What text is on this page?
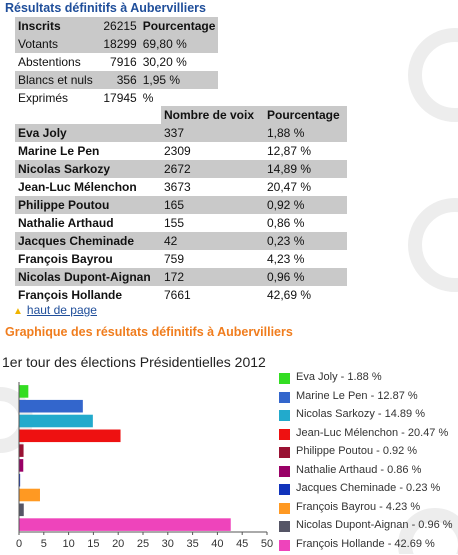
Résultats définitifs à Aubervilliers
Inscrits	26215	Pourcentage
Votants	18299	69,80 %
Abstentions	7916	30,20 %
Blancs et nuls	356	1,95 %
Exprimés	17945	%
	Nombre de voix	Pourcentage
Eva Joly	337	1,88 %
Marine Le Pen	2309	12,87 %
Nicolas Sarkozy	2672	14,89 %
Jean-Luc Mélenchon	3673	20,47 %
Philippe Poutou	165	0,92 %
Nathalie Arthaud	155	0,86 %
Jacques Cheminade	42	0,23 %
François Bayrou	759	4,23 %
Nicolas Dupont-Aignan	172	0,96 %
François Hollande	7661	42,69 %
▲ haut de page
Graphique des résultats définitifs à Aubervilliers
1er tour des élections Présidentielles 2012
0 5 10 15 20 25 30 35 40 45 50
Eva Joly - 1.88 %
Marine Le Pen - 12.87 %
Nicolas Sarkozy - 14.89 %
Jean-Luc Mélenchon - 20.47 %
Philippe Poutou - 0.92 %
Nathalie Arthaud - 0.86 %
Jacques Cheminade - 0.23 %
François Bayrou - 4.23 %
Nicolas Dupont-Aignan - 0.96 %
François Hollande - 42.69 %
